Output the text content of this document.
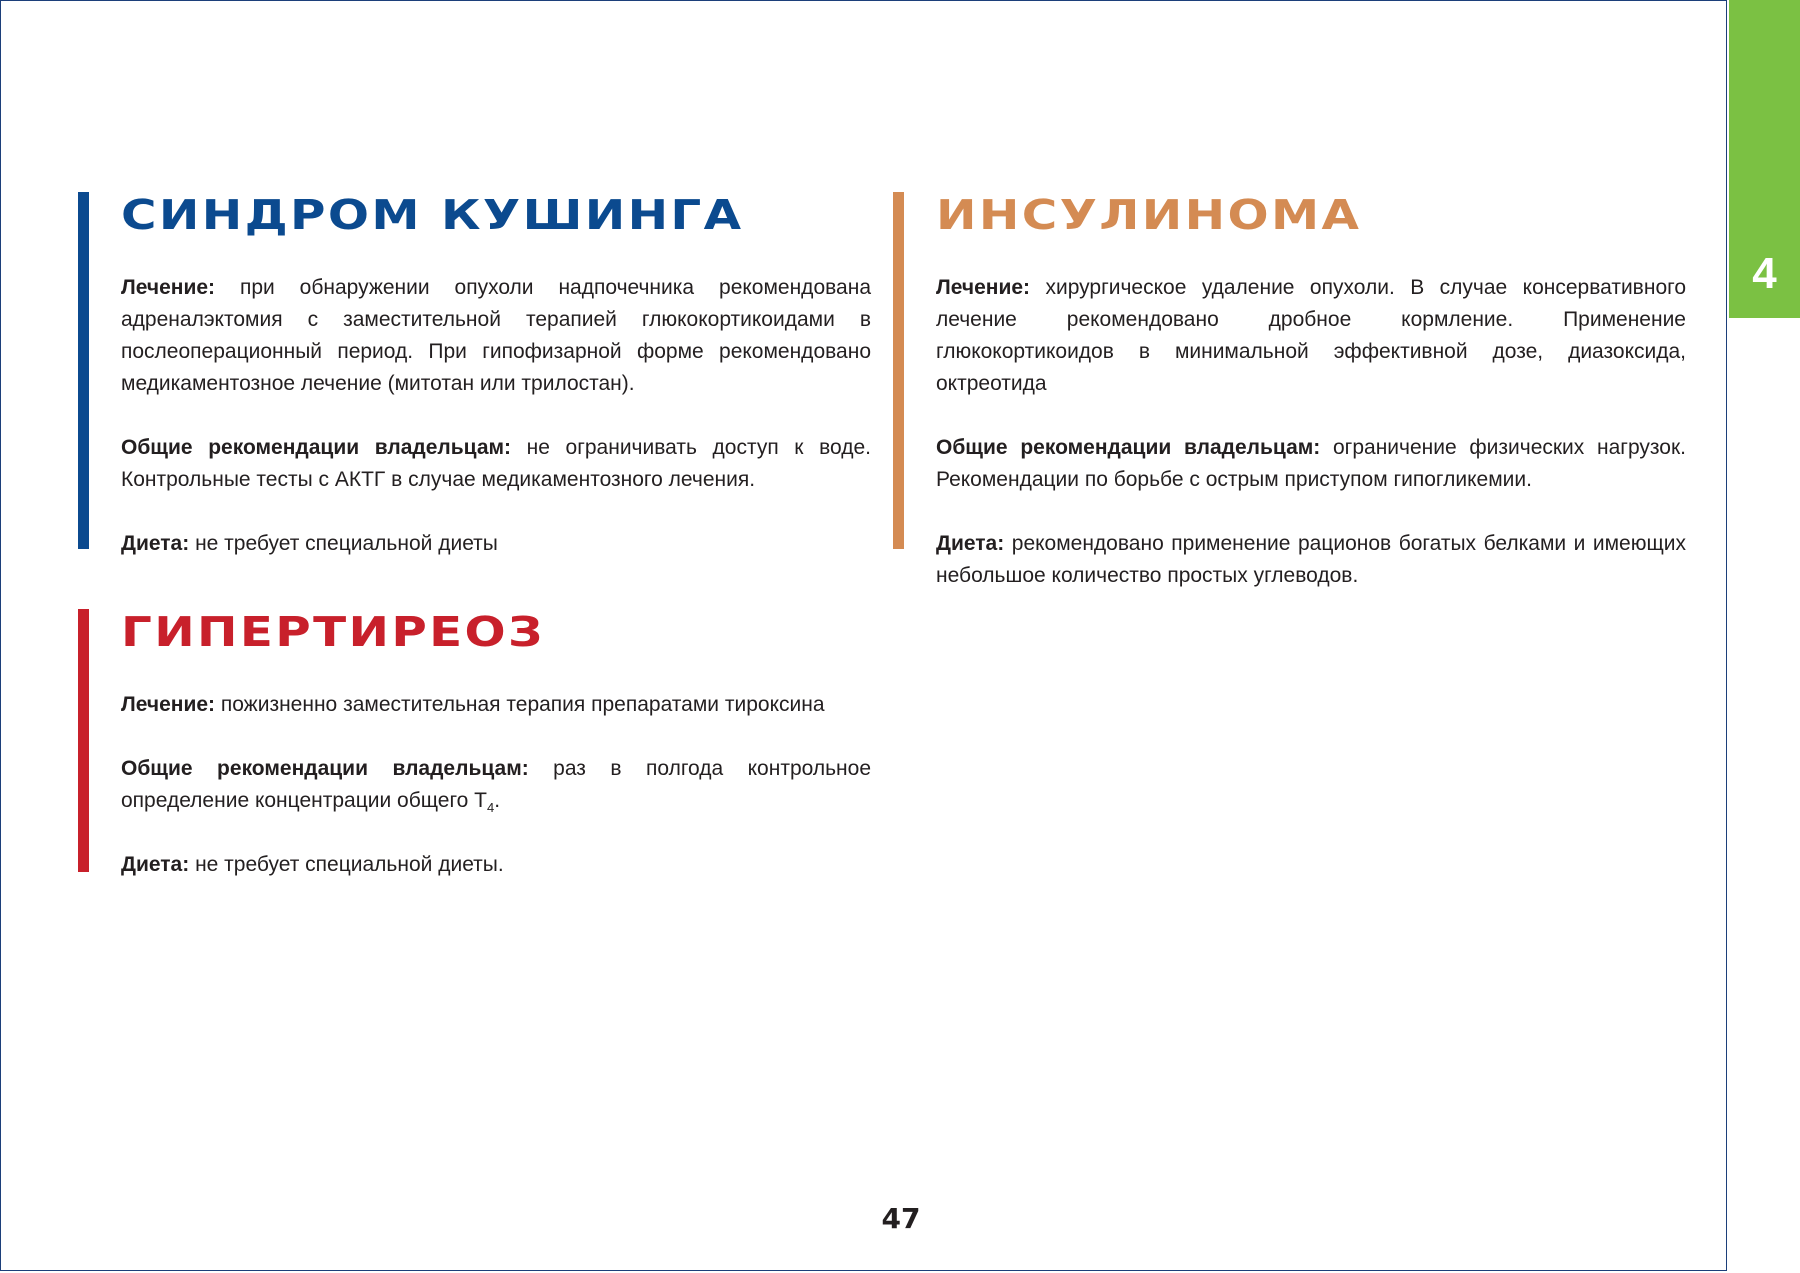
4
СИНДРОМ КУШИНГА

Лечение: при обнаружении опухоли надпочечника рекомендована адреналэктомия с заместительной терапией глюкокортикоидами в послеоперационный период. При гипофизарной форме рекомендовано медикаментозное лечение (митотан или трилостан).

Общие рекомендации владельцам: не ограничивать доступ к воде. Контрольные тесты с АКТГ в случае медикаментозного лечения.

Диета: не требует специальной диеты

ИНСУЛИНОМА

Лечение: хирургическое удаление опухоли. В случае консервативного лечение рекомендовано дробное кормление. Применение глюкокортикоидов в минимальной эффективной дозе, диазоксида, октреотида

Общие рекомендации владельцам: ограничение физических нагрузок. Рекомендации по борьбе с острым приступом гипогликемии.

Диета: рекомендовано применение рационов богатых белками и имеющих небольшое количество простых углеводов.

ГИПЕРТИРЕОЗ

Лечение: пожизненно заместительная терапия препаратами тироксина

Общие рекомендации владельцам: раз в полгода контрольное определение концентрации общего $Т_4$.

Диета: не требует специальной диеты.

47
